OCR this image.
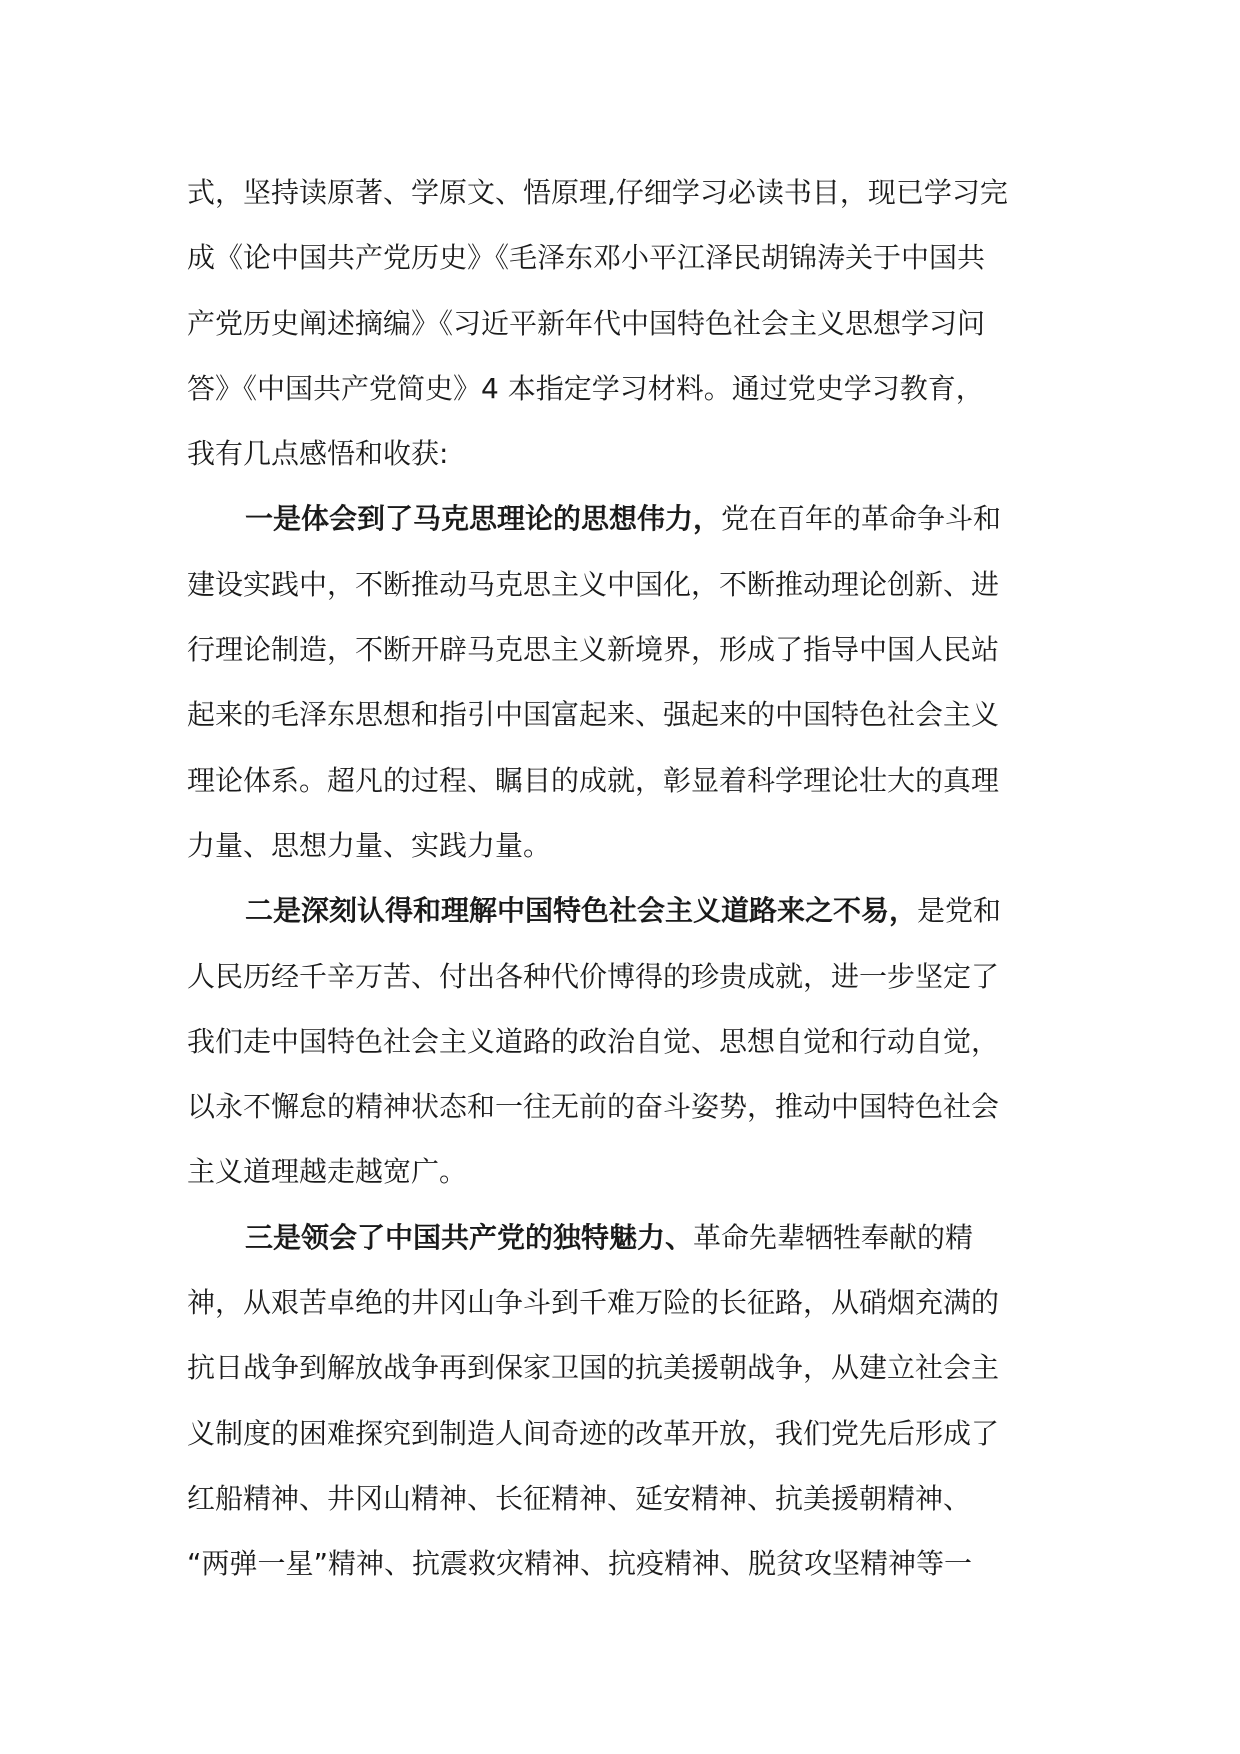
式，坚持读原著、学原文、悟原理,仔细学习必读书目，现已学习完
成《论中国共产党历史》《毛泽东邓小平江泽民胡锦涛关于中国共
产党历史阐述摘编》《习近平新年代中国特色社会主义思想学习问
答》《中国共产党简史》4 本指定学习材料。通过党史学习教育，
我有几点感悟和收获:
一是体会到了马克思理论的思想伟力，党在百年的革命争斗和
建设实践中，不断推动马克思主义中国化，不断推动理论创新、进
行理论制造，不断开辟马克思主义新境界，形成了指导中国人民站
起来的毛泽东思想和指引中国富起来、强起来的中国特色社会主义
理论体系。超凡的过程、瞩目的成就，彰显着科学理论壮大的真理
力量、思想力量、实践力量。
二是深刻认得和理解中国特色社会主义道路来之不易，是党和
人民历经千辛万苦、付出各种代价博得的珍贵成就，进一步坚定了
我们走中国特色社会主义道路的政治自觉、思想自觉和行动自觉，
以永不懈怠的精神状态和一往无前的奋斗姿势，推动中国特色社会
主义道理越走越宽广。
三是领会了中国共产党的独特魅力、革命先辈牺牲奉献的精
神，从艰苦卓绝的井冈山争斗到千难万险的长征路，从硝烟充满的
抗日战争到解放战争再到保家卫国的抗美援朝战争，从建立社会主
义制度的困难探究到制造人间奇迹的改革开放，我们党先后形成了
红船精神、井冈山精神、长征精神、延安精神、抗美援朝精神、
“两弹一星”精神、抗震救灾精神、抗疫精神、脱贫攻坚精神等一
